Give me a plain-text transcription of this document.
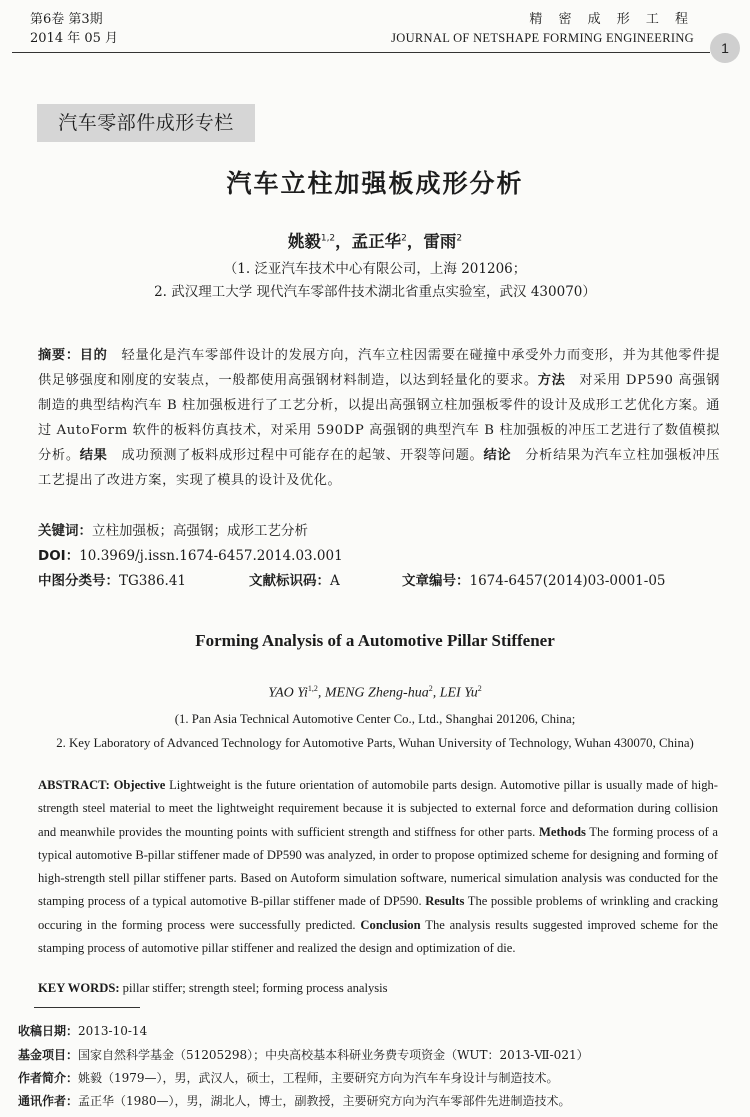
第6卷 第3期
2014 年 05 月
精 密 成 形 工 程
JOURNAL OF NETSHAPE FORMING ENGINEERING
1
汽车零部件成形专栏
汽车立柱加强板成形分析
姚毅$^{1,2}$，孟正华$^2$，雷雨$^2$
（1. 泛亚汽车技术中心有限公司，上海 201206；
2. 武汉理工大学 现代汽车零部件技术湖北省重点实验室，武汉 430070）
摘要：目的　轻量化是汽车零部件设计的发展方向，汽车立柱因需要在碰撞中承受外力而变形，并为其他零件提供足够强度和刚度的安装点，一般都使用高强钢材料制造，以达到轻量化的要求。方法　对采用 DP590 高强钢制造的典型结构汽车 B 柱加强板进行了工艺分析，以提出高强钢立柱加强板零件的设计及成形工艺优化方案。通过 AutoForm 软件的板料仿真技术，对采用 590DP 高强钢的典型汽车 B 柱加强板的冲压工艺进行了数值模拟分析。结果　成功预测了板料成形过程中可能存在的起皱、开裂等问题。结论　分析结果为汽车立柱加强板冲压工艺提出了改进方案，实现了模具的设计及优化。
关键词：立柱加强板；高强钢；成形工艺分析
DOI：10.3969/j.issn.1674-6457.2014.03.001
中图分类号：TG386.41	文献标识码：A	文章编号：1674-6457(2014)03-0001-05
Forming Analysis of a Automotive Pillar Stiffener
YAO Yi$^{1,2}$, MENG Zheng-hua$^2$, LEI Yu$^2$
(1. Pan Asia Technical Automotive Center Co., Ltd., Shanghai 201206, China;
2. Key Laboratory of Advanced Technology for Automotive Parts, Wuhan University of Technology, Wuhan 430070, China)
ABSTRACT: Objective Lightweight is the future orientation of automobile parts design. Automotive pillar is usually made of high-strength steel material to meet the lightweight requirement because it is subjected to external force and deformation during collision and meanwhile provides the mounting points with sufficient strength and stiffness for other parts. Methods The forming process of a typical automotive B-pillar stiffener made of DP590 was analyzed, in order to propose optimized scheme for designing and forming of high-strength stell pillar stiffener parts. Based on Autoform simulation software, numerical simulation analysis was conducted for the stamping process of a typical automotive B-pillar stiffener made of DP590. Results The possible problems of wrinkling and cracking occuring in the forming process were successfully predicted. Conclusion The analysis results suggested improved scheme for the stamping process of automotive pillar stiffener and realized the design and optimization of die.
KEY WORDS: pillar stiffer; strength steel; forming process analysis
收稿日期：2013-10-14
基金项目：国家自然科学基金（51205298）；中央高校基本科研业务费专项资金（WUT：2013-Ⅶ-021）
作者简介：姚毅（1979—），男，武汉人，硕士，工程师，主要研究方向为汽车车身设计与制造技术。
通讯作者：孟正华（1980—），男，湖北人，博士，副教授，主要研究方向为汽车零部件先进制造技术。
